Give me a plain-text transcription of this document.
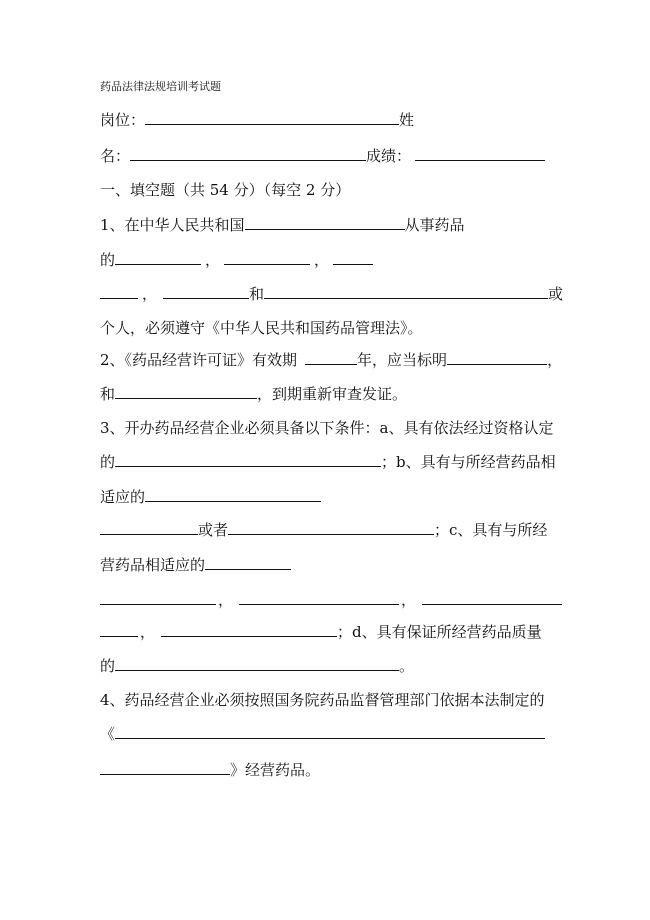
药品法律法规培训考试题
岗位：	姓
名：	成绩：
一、填空题（共 54 分）（每空 2 分）
1、在中华人民共和国	从事药品
的	，	，
，	和	或
个人，必须遵守《中华人民共和国药品管理法》。
2、《药品经营许可证》有效期	年，应当标明	，
和	，到期重新审查发证。
3、开办药品经营企业必须具备以下条件：a、具有依法经过资格认定
的	；b、具有与所经营药品相
适应的
或者	；c、具有与所经
营药品相适应的
，	，
，	；d、具有保证所经营药品质量
的	。
4、药品经营企业必须按照国务院药品监督管理部门依据本法制定的
《
》经营药品。
